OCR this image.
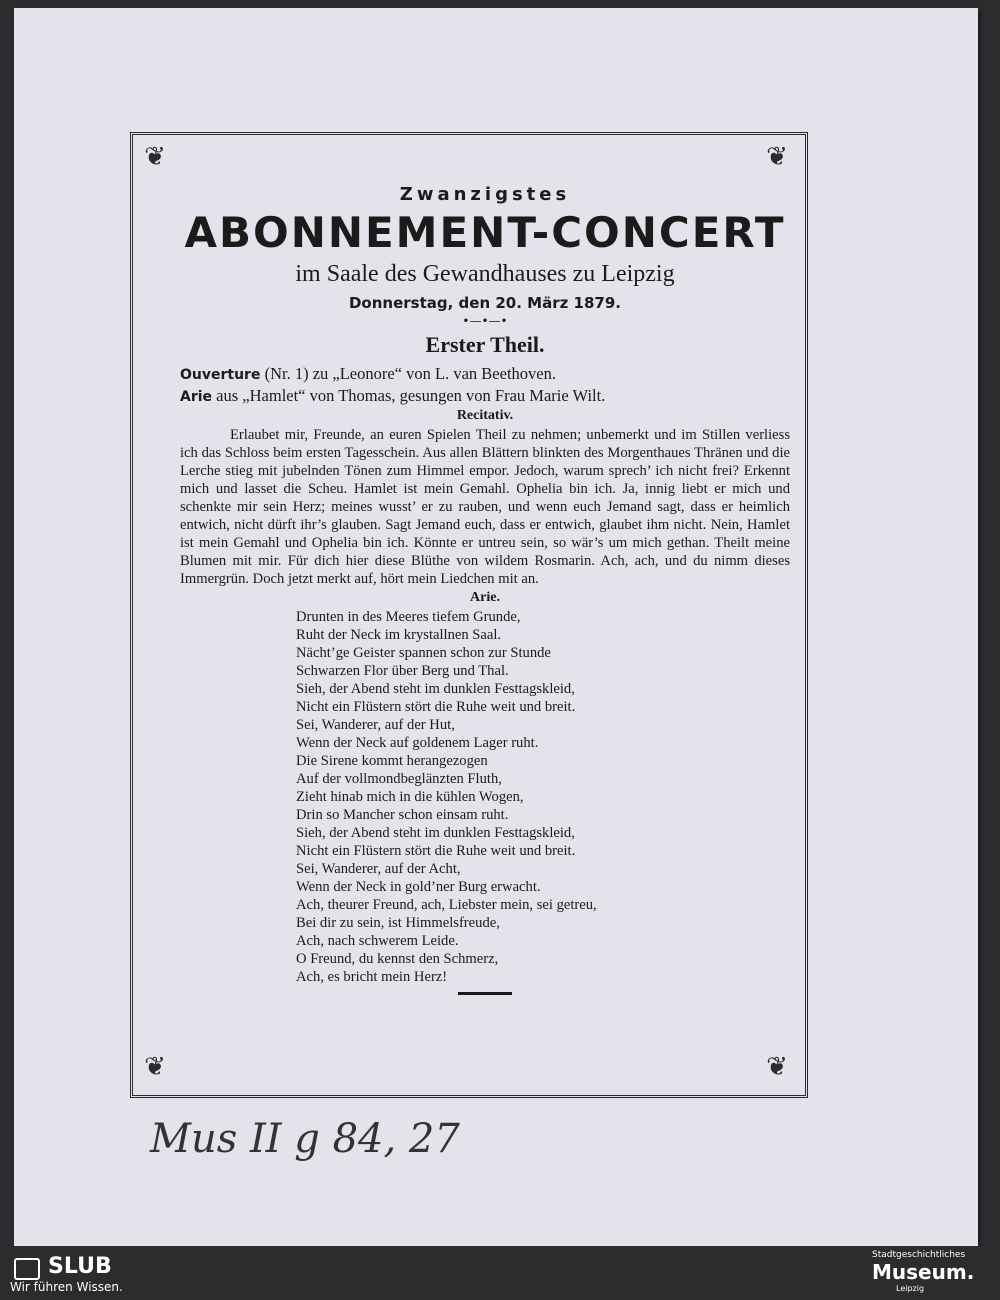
❦	❦
❦	❦
Zwanzigstes
ABONNEMENT-CONCERT
im Saale des Gewandhauses zu Leipzig
Donnerstag, den 20. März 1879.
•—•—•
Erster Theil.
Ouverture (Nr. 1) zu „Leonore“ von L. van Beethoven.
Arie aus „Hamlet“ von Thomas, gesungen von Frau Marie Wilt.
Recitativ.
Erlaubet mir, Freunde, an euren Spielen Theil zu nehmen; unbemerkt und im Stillen verliess ich das Schloss beim ersten Tagesschein. Aus allen Blättern blinkten des Morgenthaues Thränen und die Lerche stieg mit jubelnden Tönen zum Himmel empor. Jedoch, warum sprech’ ich nicht frei? Erkennt mich und lasset die Scheu. Hamlet ist mein Gemahl. Ophelia bin ich. Ja, innig liebt er mich und schenkte mir sein Herz; meines wusst’ er zu rauben, und wenn euch Jemand sagt, dass er heimlich entwich, nicht dürft ihr’s glauben. Sagt Jemand euch, dass er entwich, glaubet ihm nicht. Nein, Hamlet ist mein Gemahl und Ophelia bin ich. Könnte er untreu sein, so wär’s um mich gethan. Theilt meine Blumen mit mir. Für dich hier diese Blüthe von wildem Rosmarin. Ach, ach, und du nimm dieses Immergrün. Doch jetzt merkt auf, hört mein Liedchen mit an.
Arie.
Drunten in des Meeres tiefem Grunde,
Ruht der Neck im krystallnen Saal.
Nächt’ge Geister spannen schon zur Stunde
Schwarzen Flor über Berg und Thal.
Sieh, der Abend steht im dunklen Festtagskleid,
Nicht ein Flüstern stört die Ruhe weit und breit.
Sei, Wanderer, auf der Hut,
Wenn der Neck auf goldenem Lager ruht.
Die Sirene kommt herangezogen
Auf der vollmondbeglänzten Fluth,
Zieht hinab mich in die kühlen Wogen,
Drin so Mancher schon einsam ruht.
Sieh, der Abend steht im dunklen Festtagskleid,
Nicht ein Flüstern stört die Ruhe weit und breit.
Sei, Wanderer, auf der Acht,
Wenn der Neck in gold’ner Burg erwacht.
Ach, theurer Freund, ach, Liebster mein, sei getreu,
Bei dir zu sein, ist Himmelsfreude,
Ach, nach schwerem Leide.
O Freund, du kennst den Schmerz,
Ach, es bricht mein Herz!
Mus II g 84, 27
SLUB
Wir führen Wissen.
Stadtgeschichtliches
Museum.
Leipzig
